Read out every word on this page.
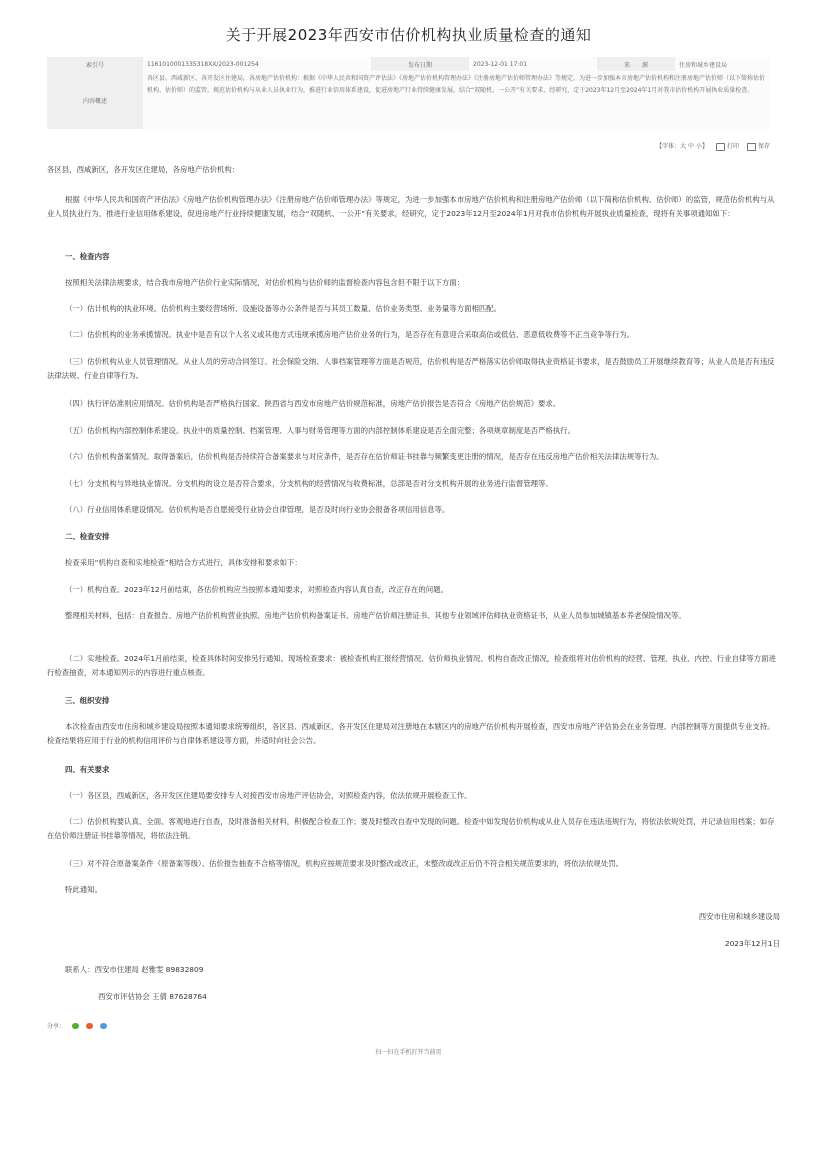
关于开展2023年西安市估价机构执业质量检查的通知
索引号	11610100013353​18XX/2023-001254	发布日期	2023-12-01 17:01	来　　源	住房和城乡建设局
内容概述	各区县、西咸新区、各开发区住建局，各房地产估价机构：根据《中华人民共和国资产评估法》《房地产估价机构管理办法》《注册房地产估价师管理办法》等规定，为进一步加强本市房地产估价机构和注册房地产估价师（以下简称估价机构、估价师）的监管，规范估价机构与从业人员执业行为，推进行业信用体系建设，促进房地产行业持续健康发展，结合“双随机、一公开”有关要求，经研究，定于2023年12月至2024年1月对我市估价机构开展执业质量检查。				
【字体：大 中 小】	打印	保存

各区县，西咸新区，各开发区住建局，各房地产估价机构：

根据《中华人民共和国资产评估法》《房地产估价机构管理办法》《注册房地产估价师管理办法》等规定，为进一步加强本市房地产估价机构和注册房地产估价师（以下简称估价机构、估价师）的监管，规范估价机构与从业人员执业行为，推进行业信用体系建设，促进房地产行业持续健康发展，结合“双随机、一公开”有关要求，经研究，定于2023年12月至2024年1月对我市估价机构开展执业质量检查，现将有关事项通知如下：

一、检查内容

按照相关法律法规要求，结合我市房地产估价行业实际情况，对估价机构与估价师的监督检查内容包含但不限于以下方面：

（一）估计机构的执业环境。估价机构主要经营场所、设施设备等办公条件是否与其员工数量、估价业务类型、业务量等方面相匹配。

（二）估价机构的业务承揽情况。执业中是否有以个人名义或其他方式违规承揽房地产估价业务的行为，是否存在有意迎合采取高估或低估、恶意低收费等不正当竞争等行为。

（三）估价机构从业人员管理情况。从业人员的劳动合同签订、社会保险交纳、人事档案管理等方面是否规范，估价机构是否严格落实估价师取得执业资格证书要求，是否鼓励员工开展继续教育等；从业人员是否有违反法律法规、行业自律等行为。

（四）执行评估准则应用情况。估价机构是否严格执行国家、陕西省与西安市房地产估价规范标准，房地产估价报告是否符合《房地产估价规范》要求。

（五）估价机构内部控制体系建设。执业中的质量控制、档案管理、人事与财务管理等方面的内部控制体系建设是否全面完整；各项规章制度是否严格执行。

（六）估价机构备案情况。取得备案后，估价机构是否持续符合备案要求与对应条件，是否存在估价师证书挂靠与频繁变更注册的情况，是否存在违反房地产估价相关法律法规等行为。

（七）分支机构与异地执业情况。分支机构的设立是否符合要求，分支机构的经营情况与收费标准，总部是否对分支机构开展的业务进行监督管理等。

（八）行业信用体系建设情况。估价机构是否自愿接受行业协会自律管理，是否及时向行业协会报备各项信用信息等。

二、检查安排

检查采用“机构自查和实地检查”相结合方式进行，具体安排和要求如下：

（一）机构自查。2023年12月前结束，各估价机构应当按照本通知要求，对照检查内容认真自查，改正存在的问题。

整理相关材料，包括：自查报告、房地产估价机构营业执照、房地产估价机构备案证书、房地产估价师注册证书、其他专业领域评估师执业资格证书，从业人员参加城镇基本养老保险情况等。

（二）实地检查。2024年1月前结束，检查具体时间安排另行通知。现场检查要求：被检查机构汇报经营情况、估价师执业情况、机构自查改正情况，检查组将对估价机构的经营、管理、执业、内控、行业自律等方面进行检查抽查，对本通知列示的内容进行重点核查。

三、组织安排

本次检查由西安市住房和城乡建设局按照本通知要求统筹组织，各区县、西咸新区、各开发区住建局对注册地在本辖区内的房地产估价机构开展检查，西安市房地产评估协会在业务管理、内部控制等方面提供专业支持。检查结果将应用于行业的机构信用评价与自律体系建设等方面，并适时向社会公告。

四、有关要求

（一）各区县，西咸新区，各开发区住建局要安排专人对接西安市房地产评估协会，对照检查内容，依法依规开展检查工作。

（二）估价机构要认真、全面、客观地进行自查，及时准备相关材料，积极配合检查工作；要及时整改自查中发现的问题。检查中如发现估价机构或从业人员存在违法违规行为，将依法依规处罚，并记录信用档案；如存在估价师注册证书挂靠等情况，将依法注销。

（三）对不符合原备案条件（原备案等级）、估价报告抽查不合格等情况，机构应按规范要求及时整改或改正，未整改或改正后仍不符合相关规范要求的，将依法依规处罚。

特此通知。

西安市住房和城乡建设局

2023年12月1日

联系人：西安市住建局 赵雅雯 89832809
西安市评估协会 王倩 87628764
分享：
扫一扫在手机打开当前页
